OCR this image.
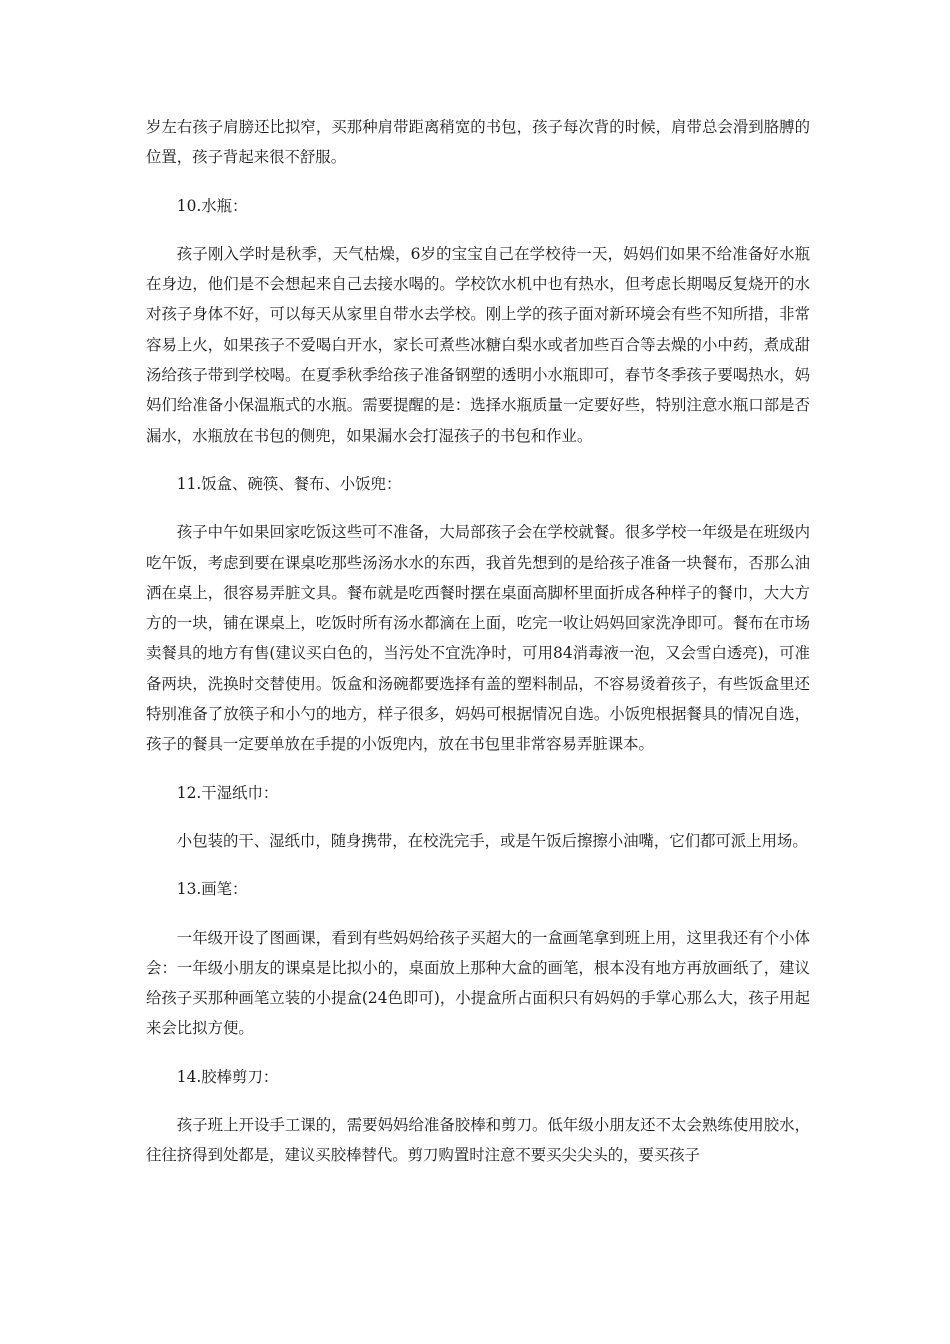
岁左右孩子肩膀还比拟窄，买那种肩带距离稍宽的书包，孩子每次背的时候，肩带总会滑到胳膊的位置，孩子背起来很不舒服。

10.水瓶：

孩子刚入学时是秋季，天气枯燥，6岁的宝宝自己在学校待一天，妈妈们如果不给准备好水瓶在身边，他们是不会想起来自己去接水喝的。学校饮水机中也有热水，但考虑长期喝反复烧开的水对孩子身体不好，可以每天从家里自带水去学校。刚上学的孩子面对新环境会有些不知所措，非常容易上火，如果孩子不爱喝白开水，家长可煮些冰糖白梨水或者加些百合等去燥的小中药，煮成甜汤给孩子带到学校喝。在夏季秋季给孩子准备钢塑的透明小水瓶即可，春节冬季孩子要喝热水，妈妈们给准备小保温瓶式的水瓶。需要提醒的是：选择水瓶质量一定要好些，特别注意水瓶口部是否漏水，水瓶放在书包的侧兜，如果漏水会打湿孩子的书包和作业。

11.饭盒、碗筷、餐布、小饭兜：

孩子中午如果回家吃饭这些可不准备，大局部孩子会在学校就餐。很多学校一年级是在班级内吃午饭，考虑到要在课桌吃那些汤汤水水的东西，我首先想到的是给孩子准备一块餐布，否那么油洒在桌上，很容易弄脏文具。餐布就是吃西餐时摆在桌面高脚杯里面折成各种样子的餐巾，大大方方的一块，铺在课桌上，吃饭时所有汤水都滴在上面，吃完一收让妈妈回家洗净即可。餐布在市场卖餐具的地方有售(建议买白色的，当污处不宜洗净时，可用84消毒液一泡，又会雪白透亮)，可准备两块，洗换时交替使用。饭盒和汤碗都要选择有盖的塑料制品，不容易烫着孩子，有些饭盒里还特别准备了放筷子和小勺的地方，样子很多，妈妈可根据情况自选。小饭兜根据餐具的情况自选，孩子的餐具一定要单放在手提的小饭兜内，放在书包里非常容易弄脏课本。

12.干湿纸巾：

小包装的干、湿纸巾，随身携带，在校洗完手，或是午饭后擦擦小油嘴，它们都可派上用场。

13.画笔：

一年级开设了图画课，看到有些妈妈给孩子买超大的一盒画笔拿到班上用，这里我还有个小体会：一年级小朋友的课桌是比拟小的，桌面放上那种大盒的画笔，根本没有地方再放画纸了，建议给孩子买那种画笔立装的小提盒(24色即可)，小提盒所占面积只有妈妈的手掌心那么大，孩子用起来会比拟方便。

14.胶棒剪刀：

孩子班上开设手工课的，需要妈妈给准备胶棒和剪刀。低年级小朋友还不太会熟练使用胶水，往往挤得到处都是，建议买胶棒替代。剪刀购置时注意不要买尖尖头的，要买孩子
